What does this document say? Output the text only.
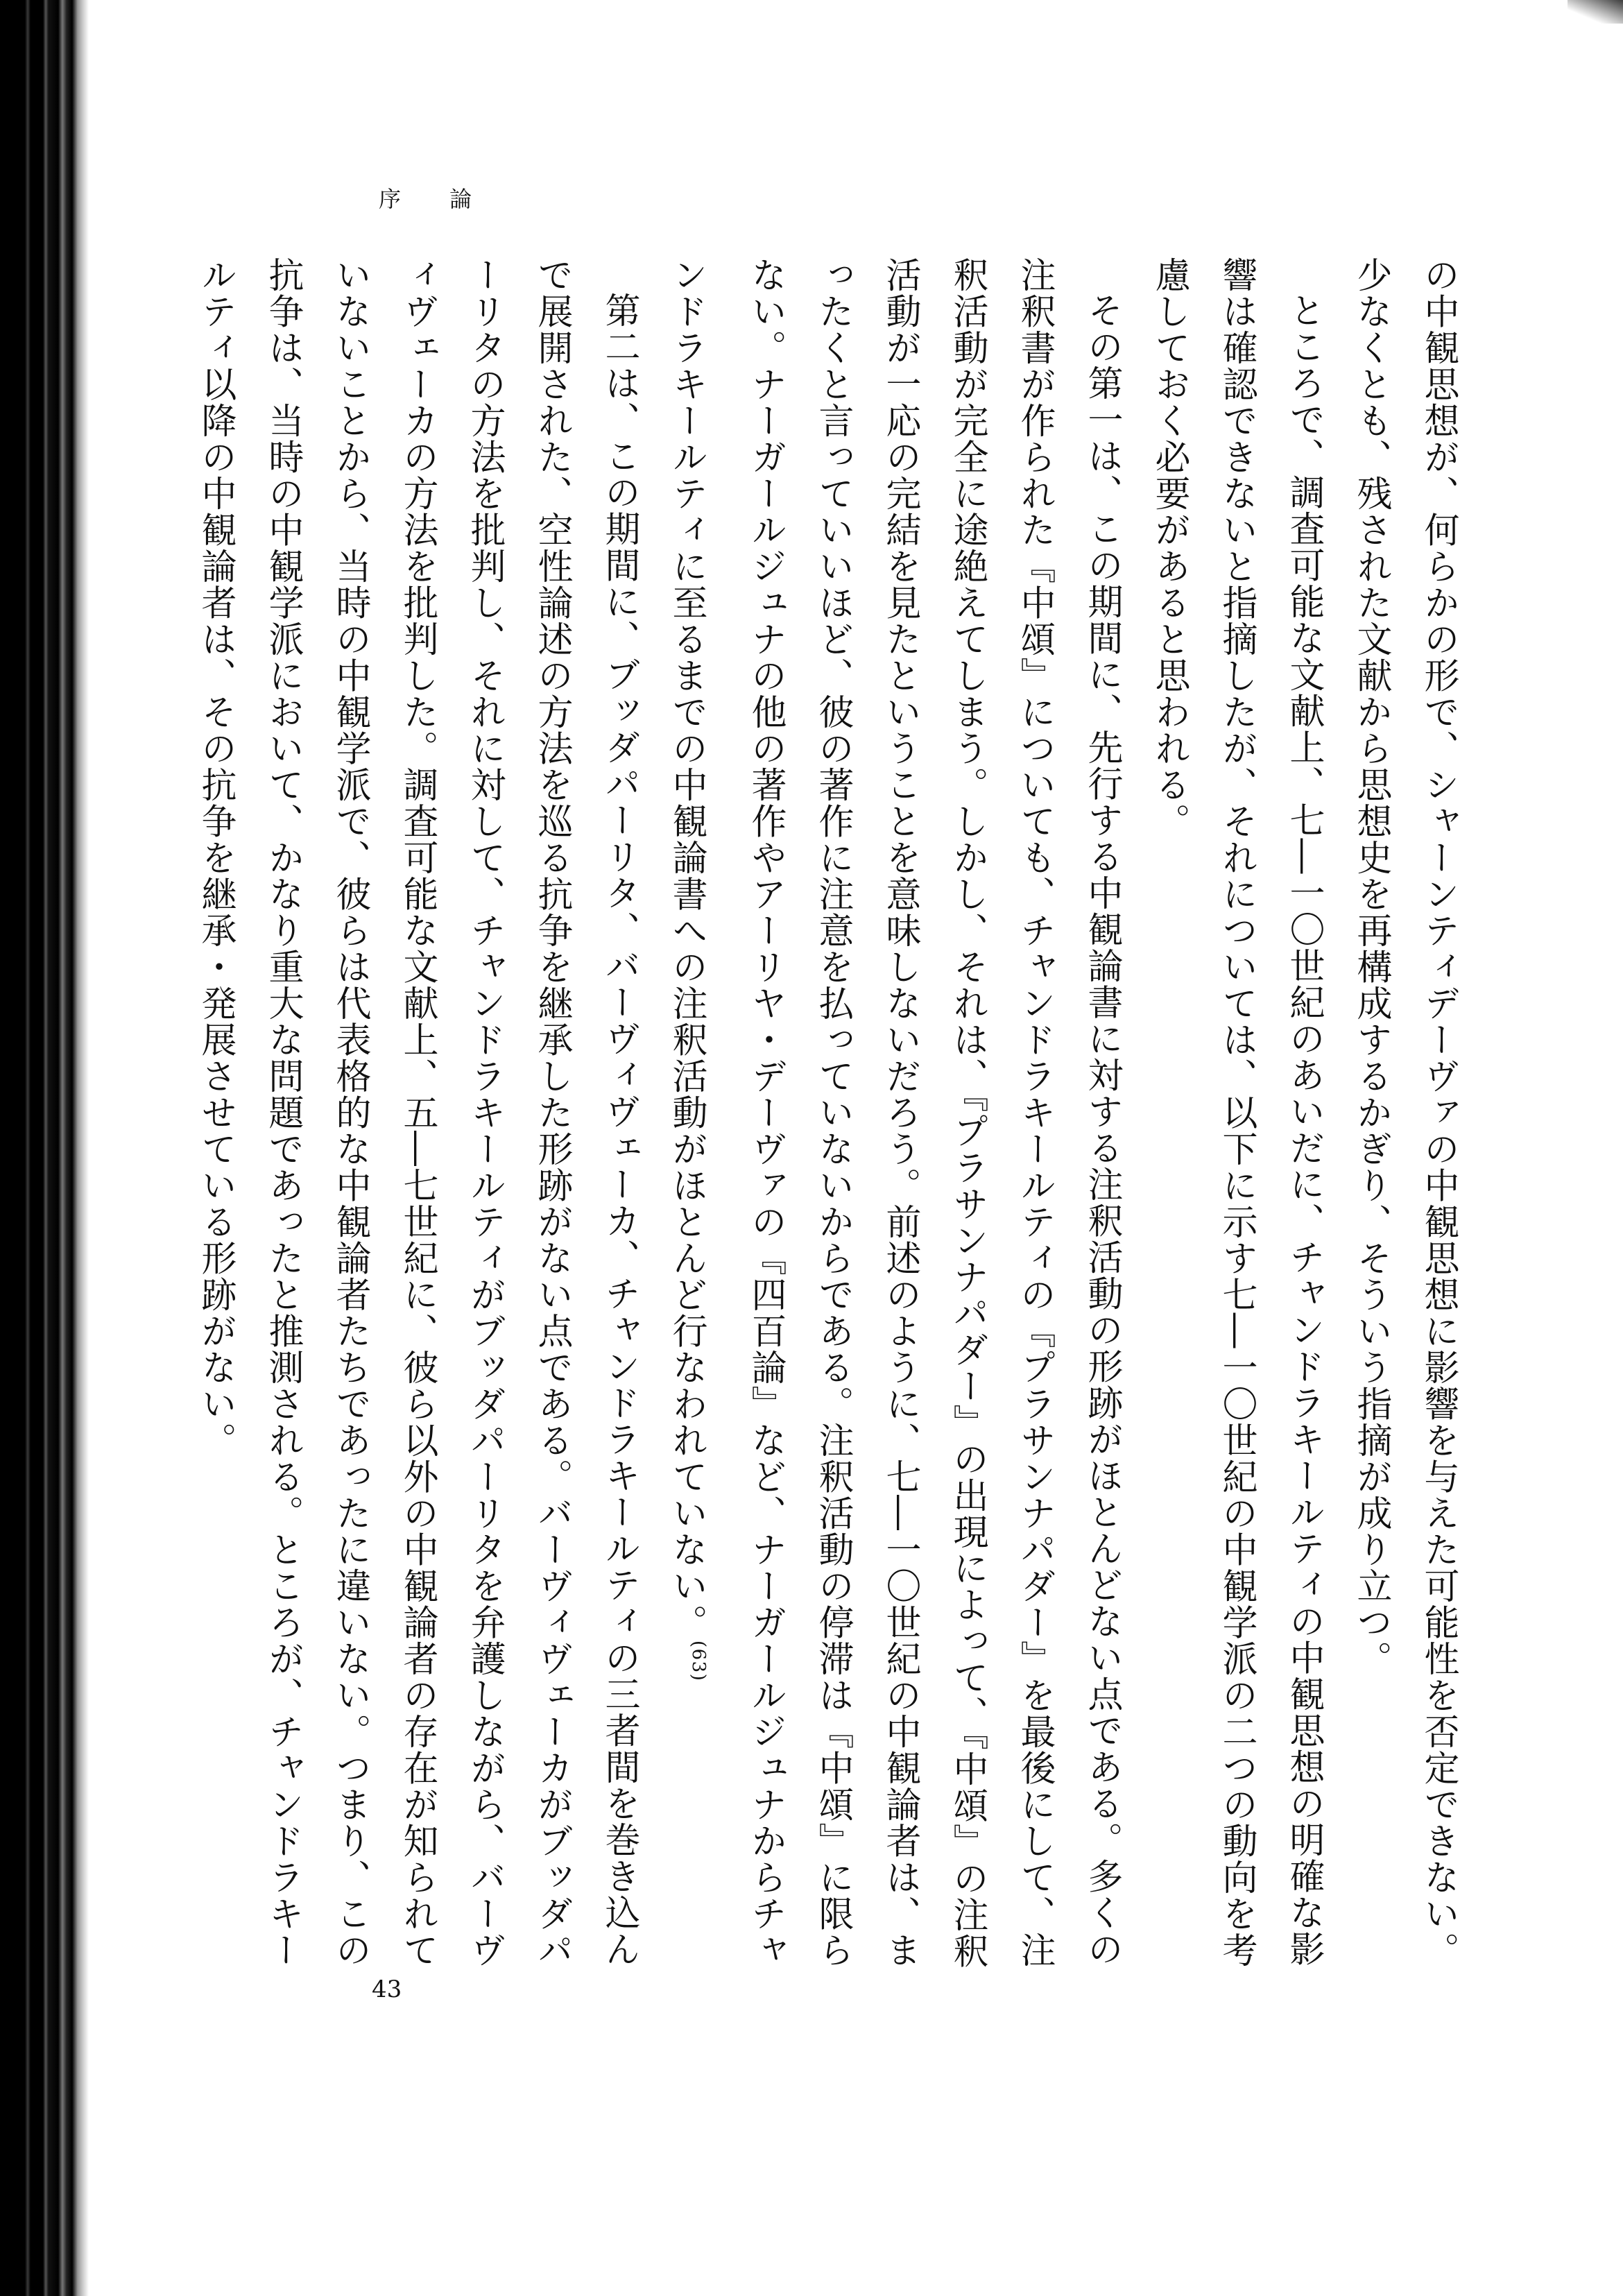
序 論

の中観思想が、何らかの形で、シャーンティデーヴァの中観思想に影響を与えた可能性を否定できない。少なくとも、残された文献から思想史を再構成するかぎり、そういう指摘が成り立つ。

ところで、調査可能な文献上、七―一〇世紀のあいだに、チャンドラキールティの中観思想の明確な影響は確認できないと指摘したが、それについては、以下に示す七―一〇世紀の中観学派の二つの動向を考慮しておく必要があると思われる。

その第一は、この期間に、先行する中観論書に対する注釈活動の形跡がほとんどない点である。多くの注釈書が作られた『中頌』についても、チャンドラキールティの『プラサンナパダー』を最後にして、注釈活動が完全に途絶えてしまう。しかし、それは、『プラサンナパダー』の出現によって、『中頌』の注釈活動が一応の完結を見たということを意味しないだろう。前述のように、七―一〇世紀の中観論者は、まったくと言っていいほど、彼の著作に注意を払っていないからである。注釈活動の停滞は『中頌』に限らない。ナーガールジュナの他の著作やアーリヤ・デーヴァの『四百論』など、ナーガールジュナからチャンドラキールティに至るまでの中観論書への注釈活動がほとんど行なわれていない。$^{(63)}$

第二は、この期間に、ブッダパーリタ、バーヴィヴェーカ、チャンドラキールティの三者間を巻き込んで展開された、空性論述の方法を巡る抗争を継承した形跡がない点である。バーヴィヴェーカがブッダパーリタの方法を批判し、それに対して、チャンドラキールティがブッダパーリタを弁護しながら、バーヴィヴェーカの方法を批判した。調査可能な文献上、五―七世紀に、彼ら以外の中観論者の存在が知られていないことから、当時の中観学派で、彼らは代表格的な中観論者たちであったに違いない。つまり、この抗争は、当時の中観学派において、かなり重大な問題であったと推測される。ところが、チャンドラキールティ以降の中観論者は、その抗争を継承・発展させている形跡がない。

43
